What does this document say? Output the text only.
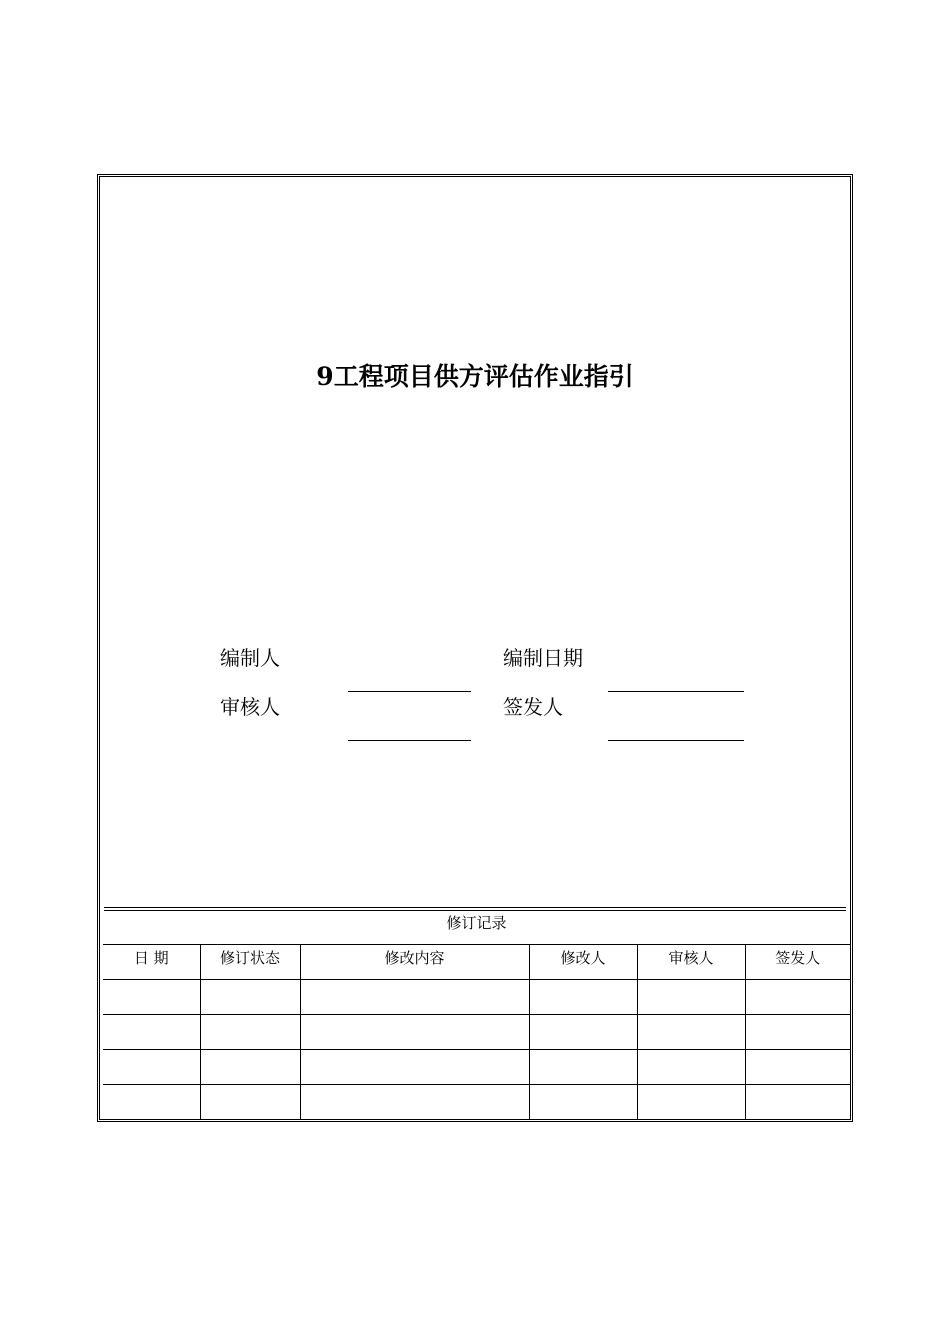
9工程项目供方评估作业指引
编制人	编制日期
审核人	签发人
修订记录					
日 期	修订状态	修改内容	修改人	审核人	签发人
